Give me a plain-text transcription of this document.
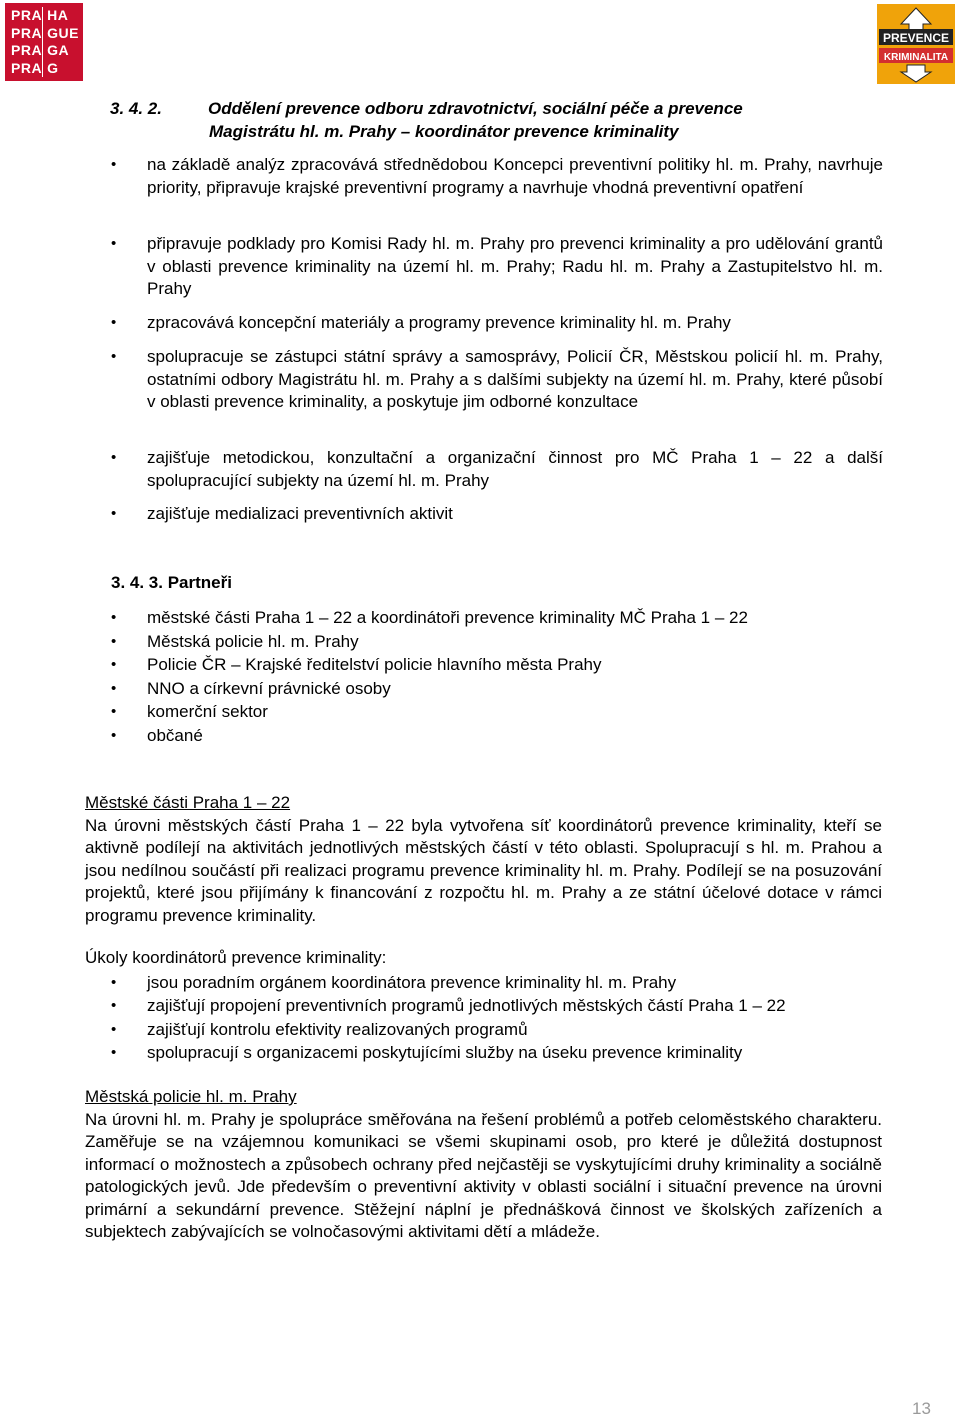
PRA HA
PRA GUE
PRA GA
PRA G
PREVENCE
KRIMINALITA
3. 4. 2.	Oddělení prevence odboru zdravotnictví, sociální péče a prevence
Magistrátu hl. m. Prahy – koordinátor prevence kriminality
• na základě analýz zpracovává střednědobou Koncepci preventivní politiky hl. m. Prahy, navrhuje priority, připravuje krajské preventivní programy a navrhuje vhodná preventivní opatření
• připravuje podklady pro Komisi Rady hl. m. Prahy pro prevenci kriminality a pro udělování grantů v oblasti prevence kriminality na území hl. m. Prahy; Radu hl. m. Prahy a Zastupitelstvo hl. m. Prahy
• zpracovává koncepční materiály a programy prevence kriminality hl. m. Prahy
• spolupracuje se zástupci státní správy a samosprávy, Policií ČR, Městskou policií hl. m. Prahy, ostatními odbory Magistrátu hl. m. Prahy a s dalšími subjekty na území hl. m. Prahy, které působí v oblasti prevence kriminality, a poskytuje jim odborné konzultace
• zajišťuje metodickou, konzultační a organizační činnost pro MČ Praha 1 – 22 a další spolupracující subjekty na území hl. m. Prahy
• zajišťuje medializaci preventivních aktivit
3. 4. 3. Partneři
• městské části Praha 1 – 22 a koordinátoři prevence kriminality MČ Praha 1 – 22
• Městská policie hl. m. Prahy
• Policie ČR – Krajské ředitelství policie hlavního města Prahy
• NNO a církevní právnické osoby
• komerční sektor
• občané
Městské části Praha 1 – 22
Na úrovni městských částí Praha 1 – 22 byla vytvořena síť koordinátorů prevence kriminality, kteří se aktivně podílejí na aktivitách jednotlivých městských částí v této oblasti. Spolupracují s hl. m. Prahou a jsou nedílnou součástí při realizaci programu prevence kriminality hl. m. Prahy. Podílejí se na posuzování projektů, které jsou přijímány k financování z rozpočtu hl. m. Prahy a ze státní účelové dotace v rámci programu prevence kriminality.
Úkoly koordinátorů prevence kriminality:
• jsou poradním orgánem koordinátora prevence kriminality hl. m. Prahy
• zajišťují propojení preventivních programů jednotlivých městských částí Praha 1 – 22
• zajišťují kontrolu efektivity realizovaných programů
• spolupracují s organizacemi poskytujícími služby na úseku prevence kriminality
Městská policie hl. m. Prahy
Na úrovni hl. m. Prahy je spolupráce směřována na řešení problémů a potřeb celoměstského charakteru. Zaměřuje se na vzájemnou komunikaci se všemi skupinami osob, pro které je důležitá dostupnost informací o možnostech a způsobech ochrany před nejčastěji se vyskytujícími druhy kriminality a sociálně patologických jevů. Jde především o preventivní aktivity v oblasti sociální i situační prevence na úrovni primární a sekundární prevence. Stěžejní náplní je přednášková činnost ve školských zařízeních a subjektech zabývajících se volnočasovými aktivitami dětí a mládeže.
13
